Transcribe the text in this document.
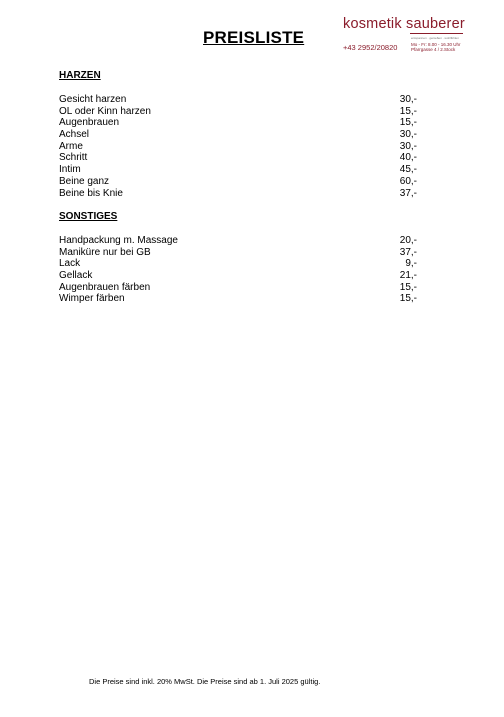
PREISLISTE
kosmetik sauberer
entspannen · genießen · wohlfühlen
+43 2952/20820	Mo - Fr: 8.00 - 16.30 Uhr
Pfarrgasse 4 / 2.Stock
HARZEN
Gesicht harzen	30,-
OL oder Kinn harzen	15,-
Augenbrauen	15,-
Achsel	30,-
Arme	30,-
Schritt	40,-
Intim	45,-
Beine ganz	60,-
Beine bis Knie	37,-
SONSTIGES
Handpackung m. Massage	20,-
Maniküre nur bei GB	37,-
Lack	9,-
Gellack	21,-
Augenbrauen färben	15,-
Wimper färben	15,-
Die Preise sind inkl. 20% MwSt. Die Preise sind ab 1. Juli 2025 gültig.
